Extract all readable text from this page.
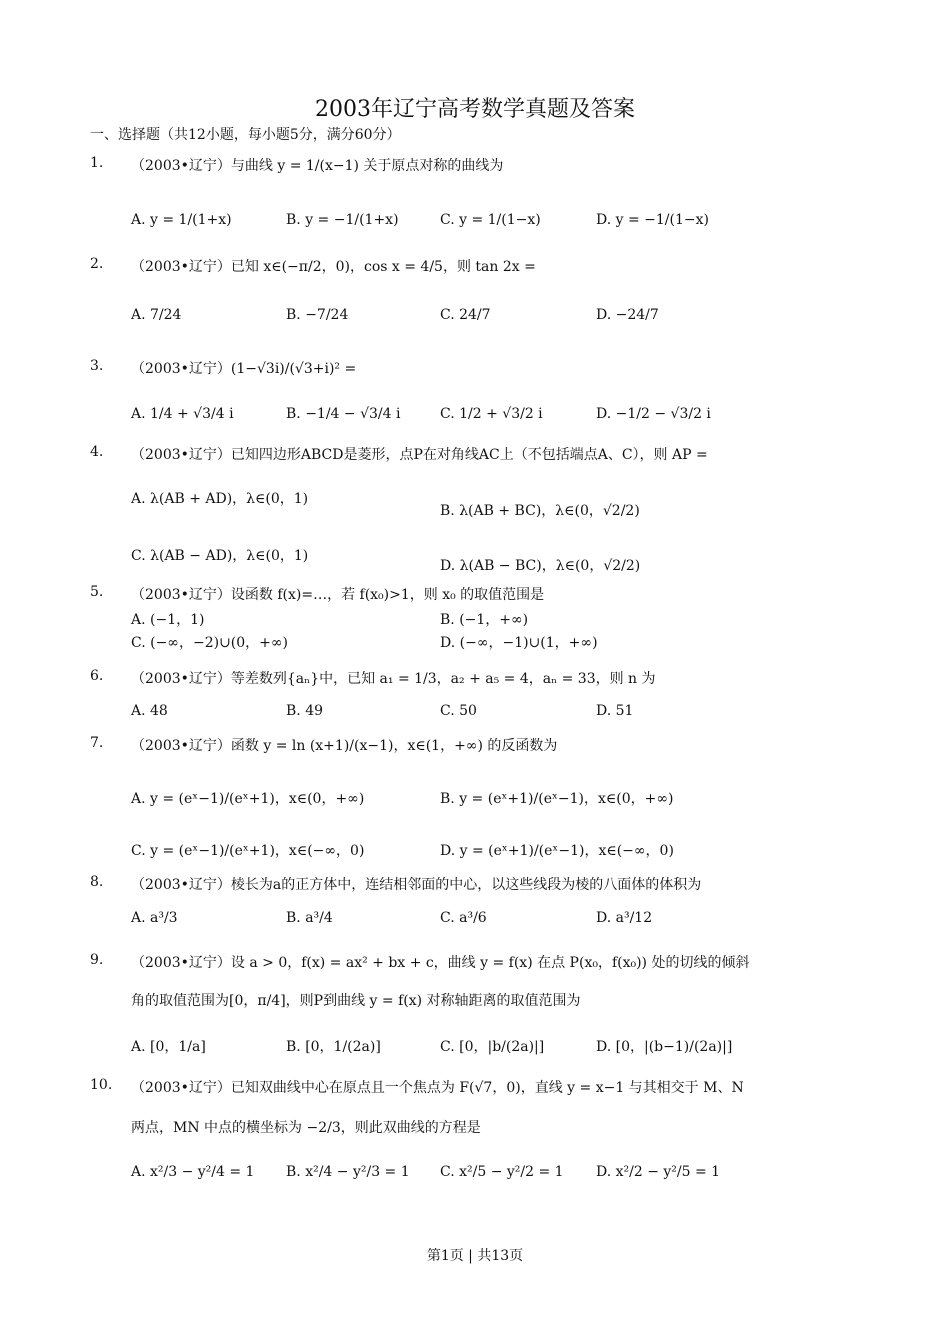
2003年辽宁高考数学真题及答案
一、选择题（共12小题，每小题5分，满分60分）
1. （2003•辽宁）与曲线 y = 1/(x−1) 关于原点对称的曲线为
A. y = 1/(1+x)	B. y = −1/(1+x)	C. y = 1/(1−x)	D. y = −1/(1−x)
2. （2003•辽宁）已知 x∈(−π/2，0)，cos x = 4/5，则 tan 2x =
A. 7/24	B. −7/24	C. 24/7	D. −24/7
3. （2003•辽宁）(1−√3i)/(√3+i)² =
A. 1/4 + √3/4 i	B. −1/4 − √3/4 i	C. 1/2 + √3/2 i	D. −1/2 − √3/2 i
4. （2003•辽宁）已知四边形ABCD是菱形，点P在对角线AC上（不包括端点A、C），则 AP =
A. λ(AB + AD)，λ∈(0，1)
B. λ(AB + BC)，λ∈(0，√2/2)
C. λ(AB − AD)，λ∈(0，1)
D. λ(AB − BC)，λ∈(0，√2/2)
5. （2003•辽宁）设函数 f(x)=…，若 f(x₀)>1，则 x₀ 的取值范围是
A. (−1，1)	B. (−1，+∞)
C. (−∞，−2)∪(0，+∞)	D. (−∞，−1)∪(1，+∞)
6. （2003•辽宁）等差数列{aₙ}中，已知 a₁ = 1/3，a₂ + a₅ = 4，aₙ = 33，则 n 为
A. 48	B. 49	C. 50	D. 51
7. （2003•辽宁）函数 y = ln (x+1)/(x−1)，x∈(1，+∞) 的反函数为
A. y = (eˣ−1)/(eˣ+1)，x∈(0，+∞)	B. y = (eˣ+1)/(eˣ−1)，x∈(0，+∞)
C. y = (eˣ−1)/(eˣ+1)，x∈(−∞，0)	D. y = (eˣ+1)/(eˣ−1)，x∈(−∞，0)
8. （2003•辽宁）棱长为a的正方体中，连结相邻面的中心，以这些线段为棱的八面体的体积为
A. a³/3	B. a³/4	C. a³/6	D. a³/12
9. （2003•辽宁）设 a > 0，f(x) = ax² + bx + c，曲线 y = f(x) 在点 P(x₀，f(x₀)) 处的切线的倾斜
角的取值范围为[0，π/4]，则P到曲线 y = f(x) 对称轴距离的取值范围为
A. [0，1/a]	B. [0，1/(2a)]	C. [0，|b/(2a)|]	D. [0，|(b−1)/(2a)|]
10. （2003•辽宁）已知双曲线中心在原点且一个焦点为 F(√7，0)，直线 y = x−1 与其相交于 M、N
两点，MN 中点的横坐标为 −2/3，则此双曲线的方程是
A. x²/3 − y²/4 = 1 B. x²/4 − y²/3 = 1 C. x²/5 − y²/2 = 1 D. x²/2 − y²/5 = 1
第1页 | 共13页
